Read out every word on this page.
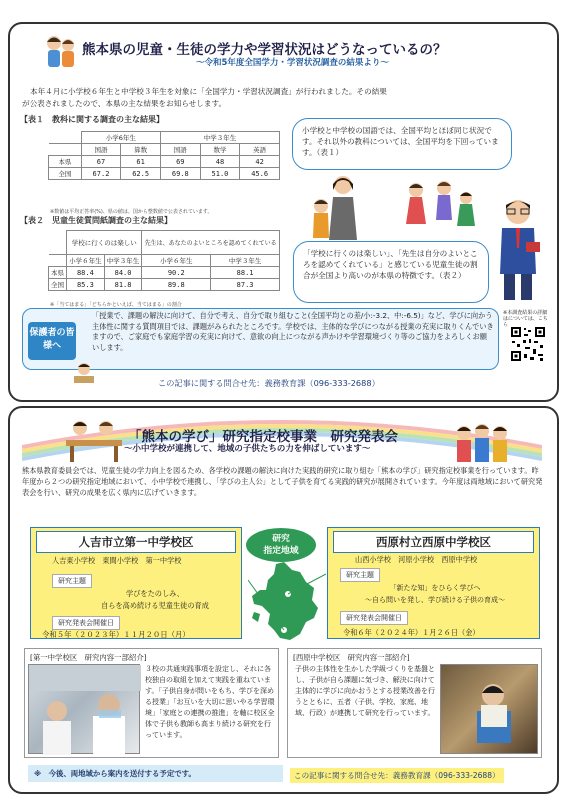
熊本県の児童・生徒の学力や学習状況はどうなっているの？
〜令和5年度全国学力・学習状況調査の結果より〜
本年４月に小学校６年生と中学校３年生を対象に「全国学力・学習状況調査」が行われました。その結果
が公表されましたので、本県の主な結果をお知らせします。
【表１　教科に関する調査の主な結果】
	小学6年生		中学３年生		
	国語	算数	国語	数学	英語
本県	67	61	69	48	42
全国	67.2	62.5	69.8	51.0	45.6
※数値は平均正答率(%)、県の値は、国から整数値で公表されています。
【表２　児童生徒質問紙調査の主な結果】
	学校に行くのは楽しい		先生は、あなたのよいところを認めてくれている	
	小学６年生	中学３年生	小学６年生	中学３年生
本県	88.4	84.0	90.2	88.1
全国	85.3	81.8	89.8	87.3
※「当てはまる」「どちらかといえば、当てはまる」の割合
小学校と中学校の国語では、全国平均とほぼ同じ状況です。それ以外の教科については、全国平均を下回っています。（表１）
「学校に行くのは楽しい」、「先生は自分のよいところを認めてくれている」と感じている児童生徒の割合が全国より高いのが本県の特徴です。（表２）
※本調査結果の詳細はについては、こちら
保護者の皆様へ
「授業で、課題の解決に向けて、自分で考え、自分で取り組むこと(全国平均との差/小:-3.2、中:-6.5)」など、学びに向かう主体性に関する質問項目では、課題がみられたところです。学校では、主体的な学びにつながる授業の充実に取りくんでいきますので、ご家庭でも家庭学習の充実に向けて、意欲の向上につながる声かけや学習環境づくり等のご協力をよろしくお願いします。
この記事に関する問合せ先：義務教育課（096-333-2688）
「熊本の学び」研究指定校事業　研究発表会
〜小中学校が連携して、地域の子供たちの力を伸ばしています〜
熊本県教育委員会では、児童生徒の学力向上を図るため、各学校の課題の解決に向けた実践的研究に取り組む「熊本の学び」研究指定校事業を行っています。昨年度から２つの研究指定地域において、小中学校で連携し、「学びの主人公」として子供を育てる実践的研究が展開されています。今年度は両地域において研究発表会を行い、研究の成果を広く県内に広げていきます。
人吉市立第一中学校区
人吉東小学校　東間小学校　第一中学校
研究主題
学びをたのしみ、
自らを高め続ける児童生徒の育成
研究発表会開催日
令和５年（２０２３年）１１月２０日（月）
研究
指定地域
西原村立西原中学校区
山西小学校　河原小学校　西原中学校
研究主題
「新たな知」をひらく学びへ
〜自ら問いを発し、学び続ける子供の育成〜
研究発表会開催日
令和６年（２０２４年）１月２６日（金）
[第一中学校区　研究内容一部紹介]
３校の共通実践事項を設定し、それに各校独自の取組を加えて実践を重ねています。「子供自身が問いをもち、学びを深める授業」「お互いを大切に思いやる学習環境」「家庭との連携の推進」を軸に校区全体で子供も教師も高まり続ける研究を行っています。
[西原中学校区　研究内容一部紹介]
子供の主体性を生かした学級づくりを基盤とし、子供が自ら課題に気づき、解決に向けて主体的に学びに向かおうとする授業改善を行うとともに、五者（子供、学校、家庭、地域、行政）が連携して研究を行っています。
※　今後、両地域から案内を送付する予定です。	この記事に関する問合せ先：義務教育課（096-333-2688）
